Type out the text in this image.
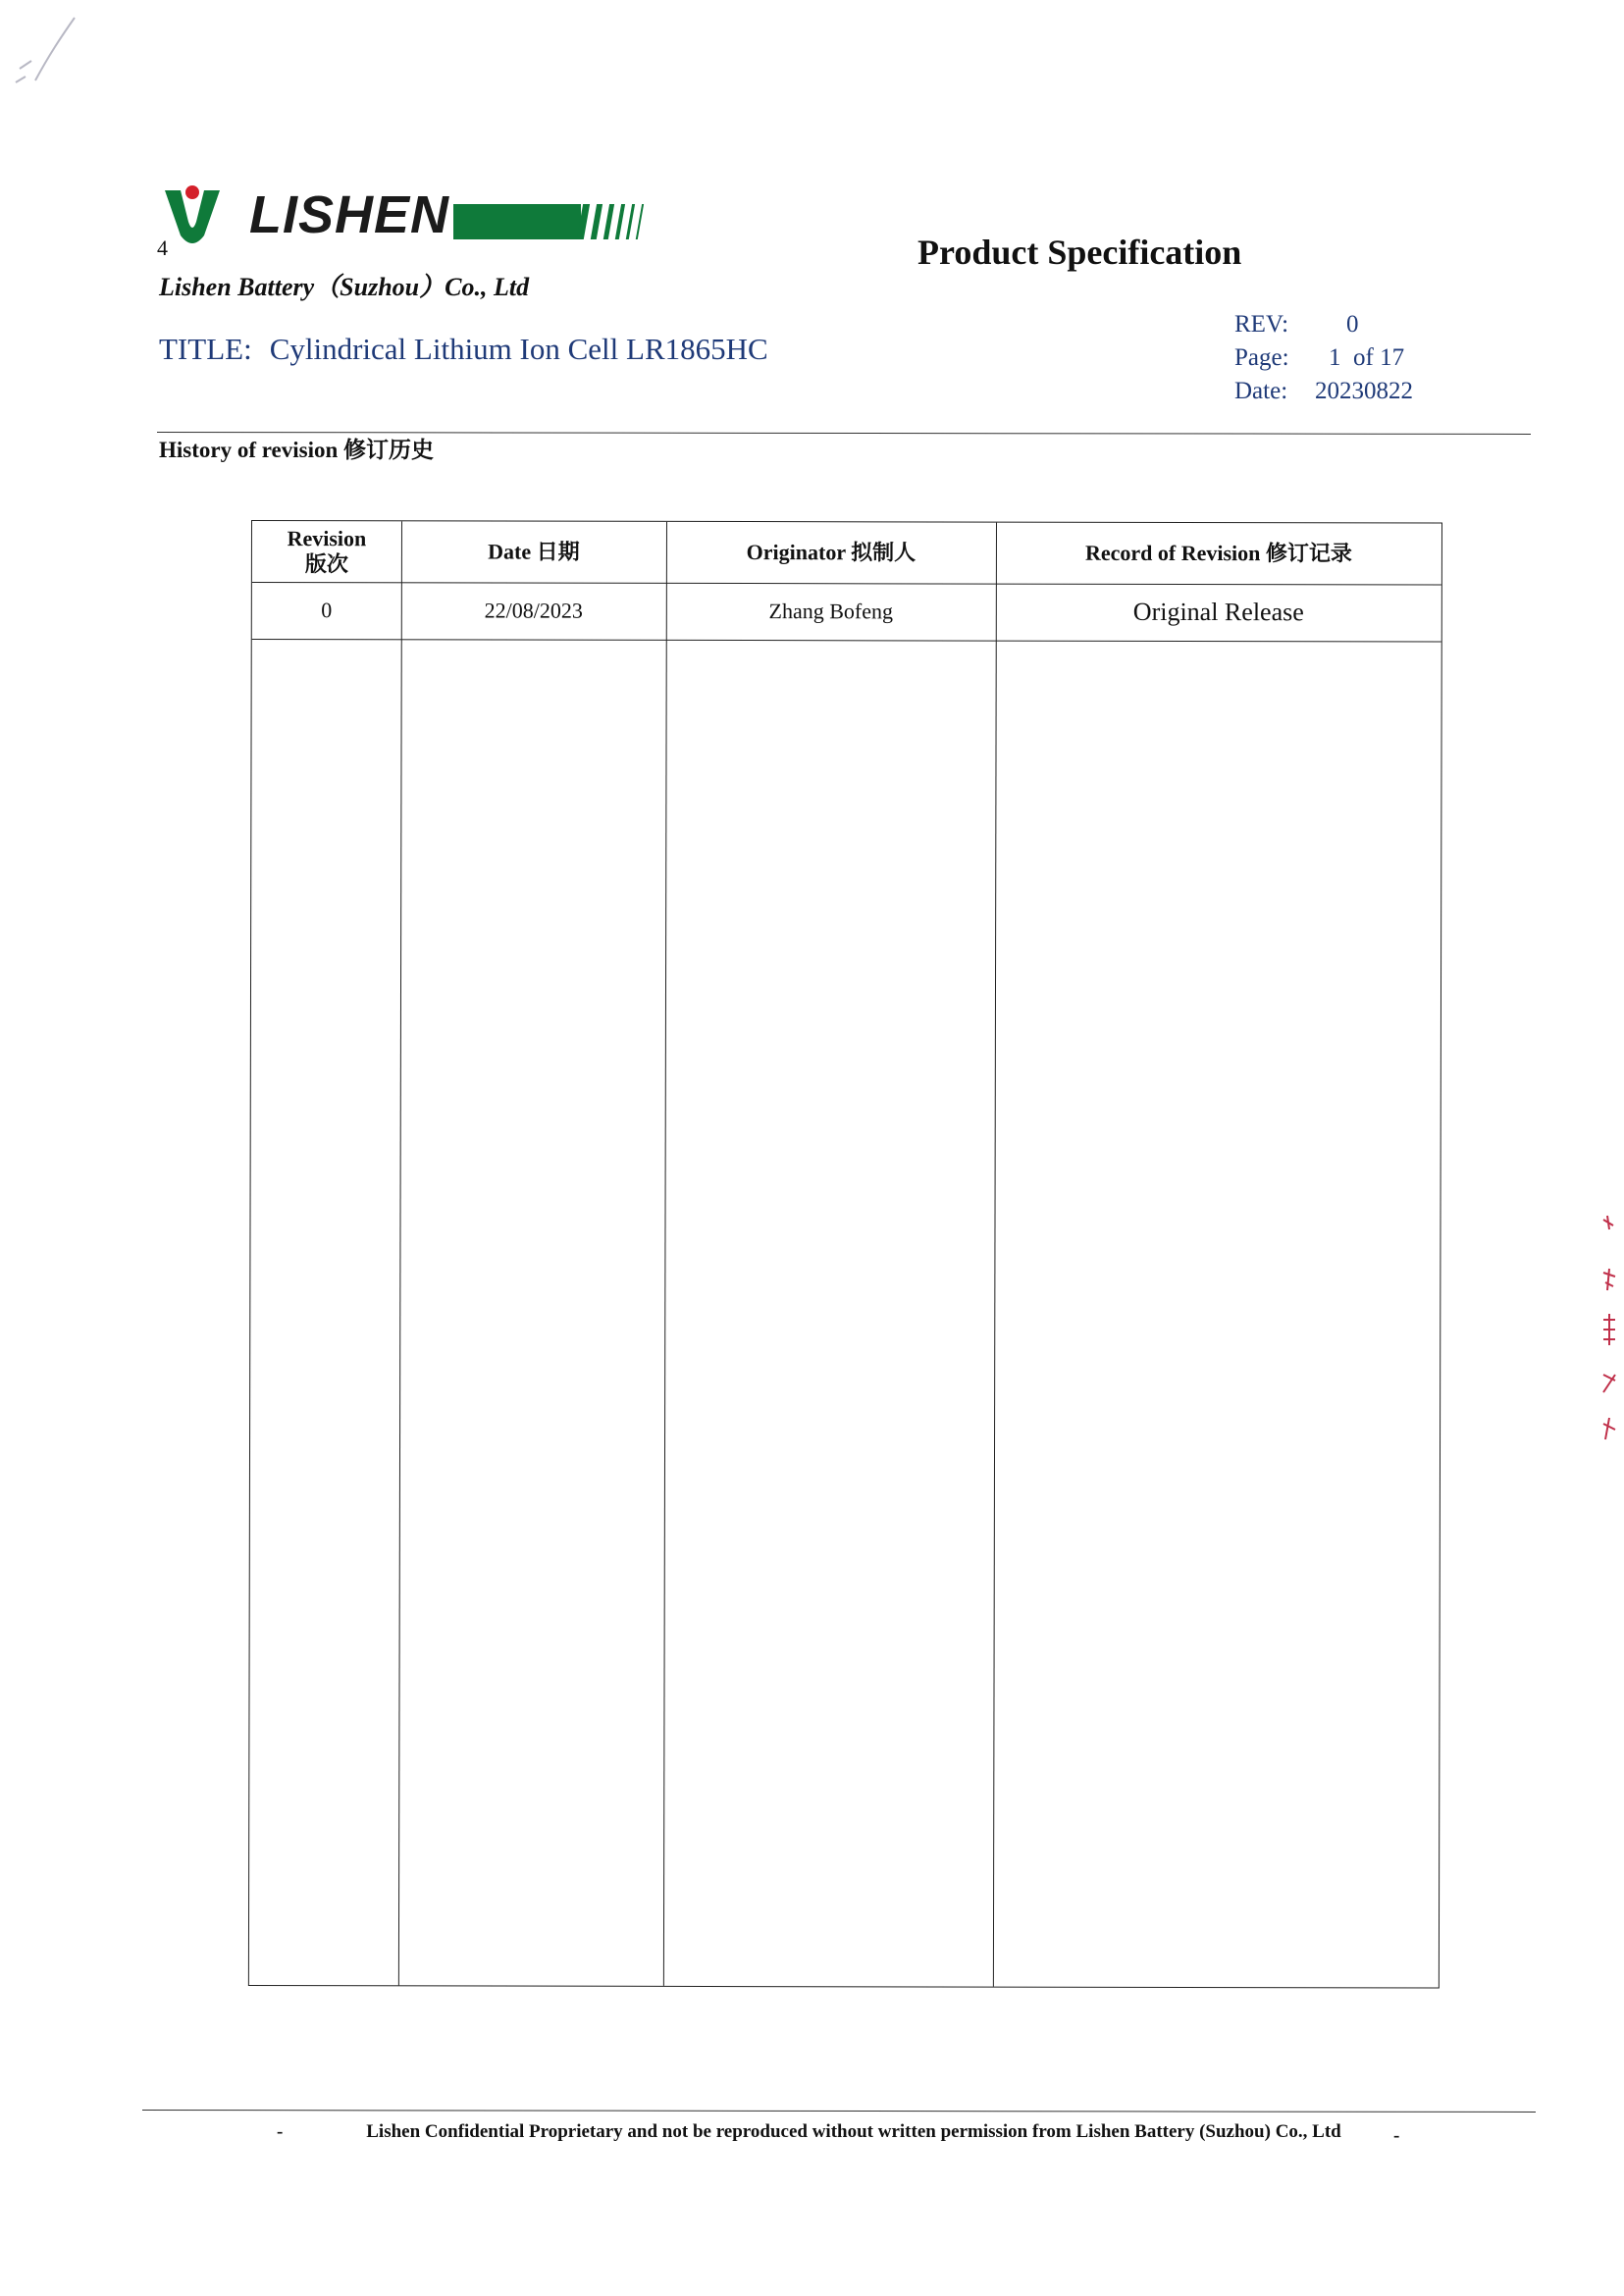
LISHEN
4
Lishen Battery（Suzhou）Co., Ltd
Product Specification
TITLE: Cylindrical Lithium Ion Cell LR1865HC
REV:	0
Page:	1  of 17
Date:	20230822
History of revision 修订历史
Revision
版次	Date 日期	Originator 拟制人	Record of Revision 修订记录
0	22/08/2023	Zhang Bofeng	Original Release
-	Lishen Confidential Proprietary and not be reproduced without written permission from Lishen Battery (Suzhou) Co., Ltd	-
